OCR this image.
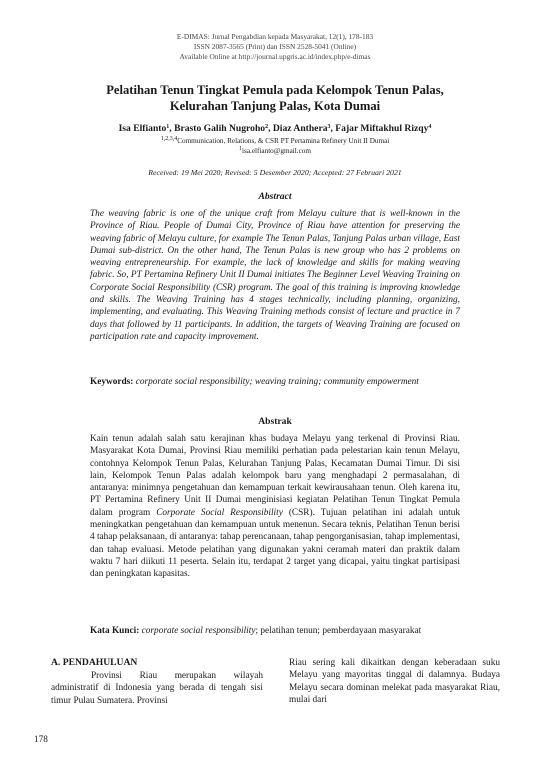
E-DIMAS: Jurnal Pengabdian kepada Masyarakat, 12(1), 178-183
ISSN 2087-3565 (Print) dan ISSN 2528-5041 (Online)
Available Online at http://journal.upgris.ac.id/index.php/e-dimas
Pelatihan Tenun Tingkat Pemula pada Kelompok Tenun Palas,
Kelurahan Tanjung Palas, Kota Dumai
Isa Elfianto$^1$, Brasto Galih Nugroho$^2$, Diaz Anthera$^3$, Fajar Miftakhul Rizqy$^4$
$^{1,2,3,4}$Communication, Relations, & CSR PT Pertamina Refinery Unit II Dumai
$^1$isa.elfianto@gmail.com
Received: 19 Mei 2020; Revised: 5 Desember 2020; Accepted: 27 Februari 2021
Abstract

The weaving fabric is one of the unique craft from Melayu culture that is well-known in the Province of Riau. People of Dumai City, Province of Riau have attention for preserving the weaving fabric of Melayu culture, for example The Tenun Palas, Tanjung Palas urban village, East Dumai sub-district. On the other hand, The Tenun Palas is new group who has 2 problems on weaving entrepreneurship. For example, the lack of knowledge and skills for making weaving fabric. So, PT Pertamina Refinery Unit II Dumai initiates The Beginner Level Weaving Training on Corporate Social Responsibility (CSR) program. The goal of this training is improving knowledge and skills. The Weaving Training has 4 stages technically, including planning, organizing, implementing, and evaluating. This Weaving Training methods consist of lecture and practice in 7 days that followed by 11 participants. In addition, the targets of Weaving Training are focused on participation rate and capacity improvement.

Keywords: corporate social responsibility; weaving training; community empowerment

Abstrak

Kain tenun adalah salah satu kerajinan khas budaya Melayu yang terkenal di Provinsi Riau. Masyarakat Kota Dumai, Provinsi Riau memiliki perhatian pada pelestarian kain tenun Melayu, contohnya Kelompok Tenun Palas, Kelurahan Tanjung Palas, Kecamatan Dumai Timur. Di sisi lain, Kelompok Tenun Palas adalah kelompok baru yang menghadapi 2 permasalahan, di antaranya: minimnya pengetahuan dan kemampuan terkait kewirausahaan tenun. Oleh karena itu, PT Pertamina Refinery Unit II Dumai menginisiasi kegiatan Pelatihan Tenun Tingkat Pemula dalam program Corporate Social Responsibility (CSR). Tujuan pelatihan ini adalah untuk meningkatkan pengetahuan dan kemampuan untuk menenun. Secara teknis, Pelatihan Tenun berisi 4 tahap pelaksanaan, di antaranya: tahap perencanaan, tahap pengorganisasian, tahap implementasi, dan tahap evaluasi. Metode pelatihan yang digunakan yakni ceramah materi dan praktik dalam waktu 7 hari diikuti 11 peserta. Selain itu, terdapat 2 target yang dicapai, yaitu tingkat partisipasi dan peningkatan kapasitas.

Kata Kunci: corporate social responsibility; pelatihan tenun; pemberdayaan masyarakat

A. PENDAHULUAN

Provinsi Riau merupakan wilayah administratif di Indonesia yang berada di tengah sisi timur Pulau Sumatera. Provinsi

Riau sering kali dikaitkan dengan keberadaan suku Melayu yang mayoritas tinggal di dalamnya. Budaya Melayu secara dominan melekat pada masyarakat Riau, mulai dari

178
